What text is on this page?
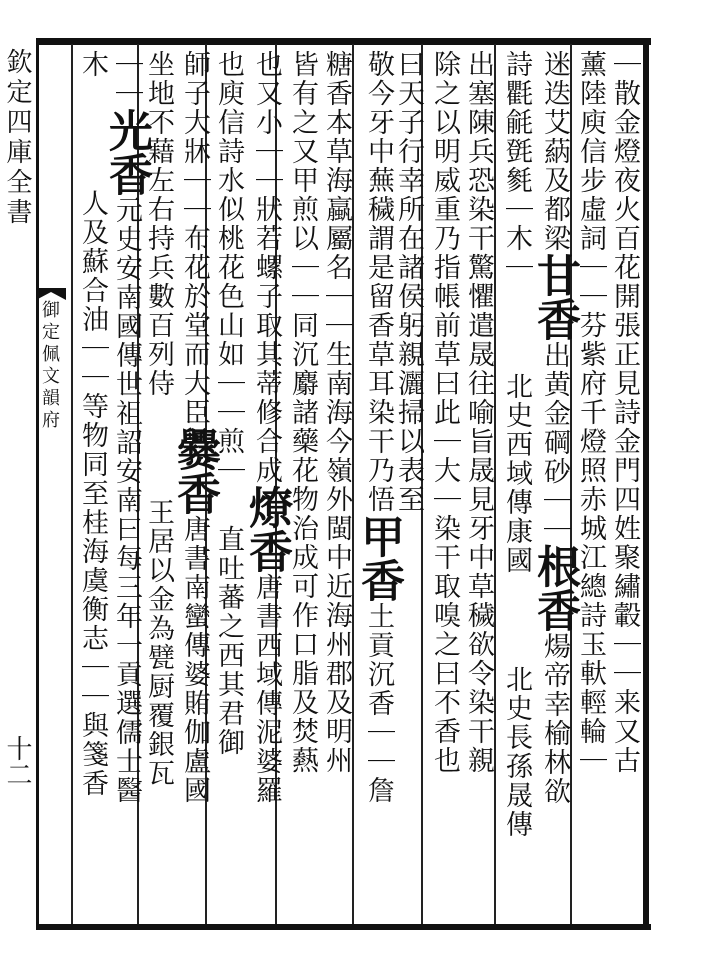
欽定四庫全書
御定佩文韻府
十二	｜散金燈夜火百花開張正見詩金門四姓聚繡轂｜｜来又古
薰陸庾信步虛詞｜｜芬紫府千燈照赤城江總詩玉軑輕輪｜
迷迭艾蒳及都梁甘香出黄金碙砂｜｜根香煬帝幸榆林欲
詩氍毹㲪毿｜木｜北史西域傳康國北史長孫晟傳
出塞陳兵恐染干驚懼遣晟往喻旨晟見牙中草穢欲令染干親
除之以明威重乃指帳前草曰此｜大｜染干取嗅之曰不香也
曰天子行幸所在諸侯躬親灑掃以表至
敬今牙中蕪穢謂是留香草耳染干乃悟甲香土貢沉香｜｜詹
糖香本草海蠃屬名｜｜生南海今嶺外閩中近海州郡及明州
皆有之又甲煎以｜｜同沉麝諸藥花物治成可作口脂及焚爇
也又小｜｜狀若螺子取其蒂修合成燎香唐書西域傳泥婆羅
也庾信詩水似桃花色山如｜｜煎｜直吐蕃之西其君御
師子大牀｜｜布花於堂而大臣爨香唐書南蠻傳婆賄伽盧國
坐地不藉左右持兵數百列侍王居以金為甓厨覆銀瓦
｜｜光香元史安南國傳世祖詔安南曰每三年一貢選儒士醫
木人及蘇合油｜｜等物同至桂海虞衡志｜｜與箋香
